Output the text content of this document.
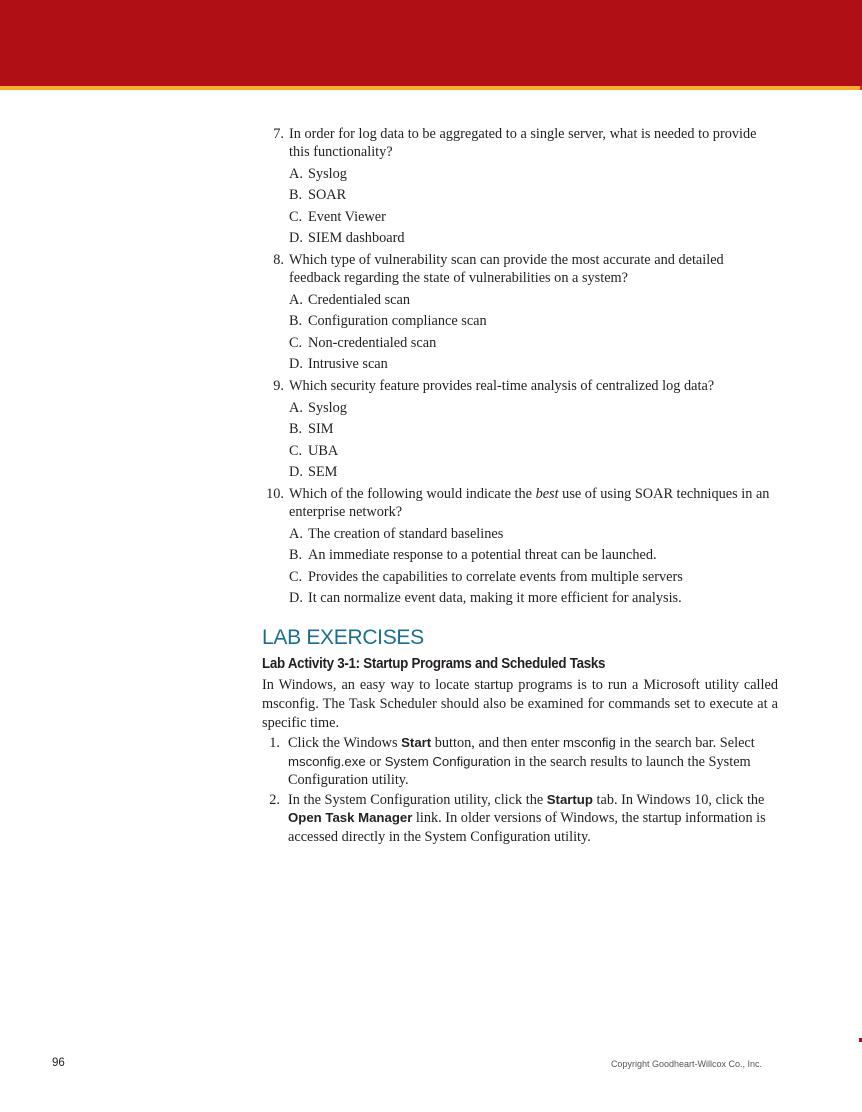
7. In order for log data to be aggregated to a single server, what is needed to provide this functionality?
A. Syslog
B. SOAR
C. Event Viewer
D. SIEM dashboard
8. Which type of vulnerability scan can provide the most accurate and detailed feedback regarding the state of vulnerabilities on a system?
A. Credentialed scan
B. Configuration compliance scan
C. Non-credentialed scan
D. Intrusive scan
9. Which security feature provides real-time analysis of centralized log data?
A. Syslog
B. SIM
C. UBA
D. SEM
10. Which of the following would indicate the best use of using SOAR techniques in an enterprise network?
A. The creation of standard baselines
B. An immediate response to a potential threat can be launched.
C. Provides the capabilities to correlate events from multiple servers
D. It can normalize event data, making it more efficient for analysis.
LAB EXERCISES
Lab Activity 3-1: Startup Programs and Scheduled Tasks

In Windows, an easy way to locate startup programs is to run a Microsoft utility called msconfig. The Task Scheduler should also be examined for commands set to execute at a specific time.

1. Click the Windows Start button, and then enter msconfig in the search bar. Select msconfig.exe or System Configuration in the search results to launch the System Configuration utility.
2. In the System Configuration utility, click the Startup tab. In Windows 10, click the Open Task Manager link. In older versions of Windows, the startup information is accessed directly in the System Configuration utility.
96	Copyright Goodheart-Willcox Co., Inc.
